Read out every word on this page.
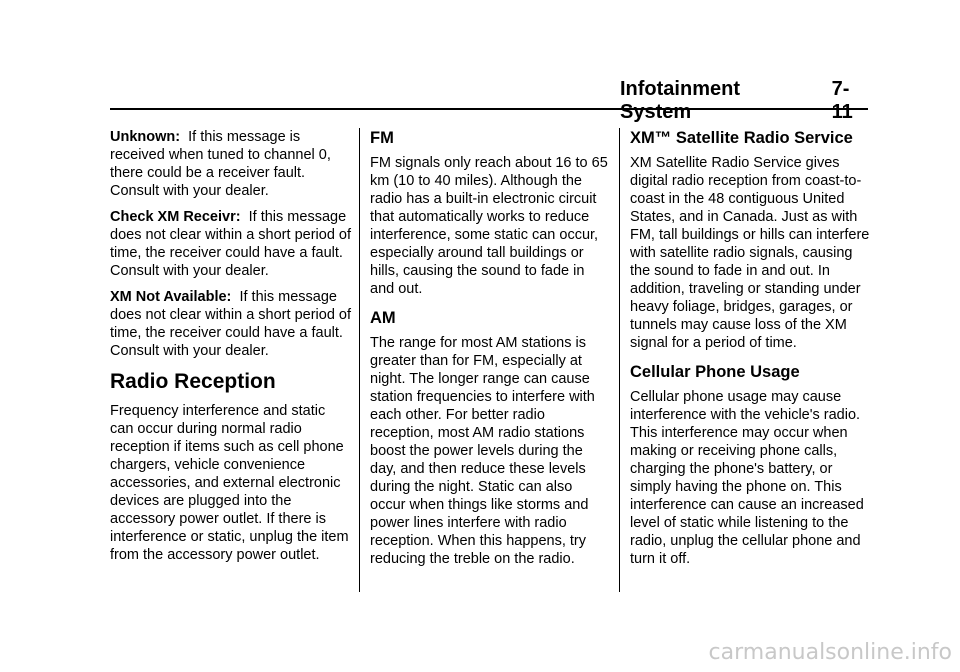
Infotainment System
7-11

Unknown: If this message is received when tuned to channel 0, there could be a receiver fault. Consult with your dealer.

Check XM Receivr: If this message does not clear within a short period of time, the receiver could have a fault. Consult with your dealer.

XM Not Available: If this message does not clear within a short period of time, the receiver could have a fault. Consult with your dealer.

Radio Reception

Frequency interference and static can occur during normal radio reception if items such as cell phone chargers, vehicle convenience accessories, and external electronic devices are plugged into the accessory power outlet. If there is interference or static, unplug the item from the accessory power outlet.

FM

FM signals only reach about 16 to 65 km (10 to 40 miles). Although the radio has a built-in electronic circuit that automatically works to reduce interference, some static can occur, especially around tall buildings or hills, causing the sound to fade in and out.

AM

The range for most AM stations is greater than for FM, especially at night. The longer range can cause station frequencies to interfere with each other. For better radio reception, most AM radio stations boost the power levels during the day, and then reduce these levels during the night. Static can also occur when things like storms and power lines interfere with radio reception. When this happens, try reducing the treble on the radio.

XM™ Satellite Radio Service

XM Satellite Radio Service gives digital radio reception from coast-to-coast in the 48 contiguous United States, and in Canada. Just as with FM, tall buildings or hills can interfere with satellite radio signals, causing the sound to fade in and out. In addition, traveling or standing under heavy foliage, bridges, garages, or tunnels may cause loss of the XM signal for a period of time.

Cellular Phone Usage

Cellular phone usage may cause interference with the vehicle's radio. This interference may occur when making or receiving phone calls, charging the phone's battery, or simply having the phone on. This interference can cause an increased level of static while listening to the radio, unplug the cellular phone and turn it off.

carmanualsonline.info
